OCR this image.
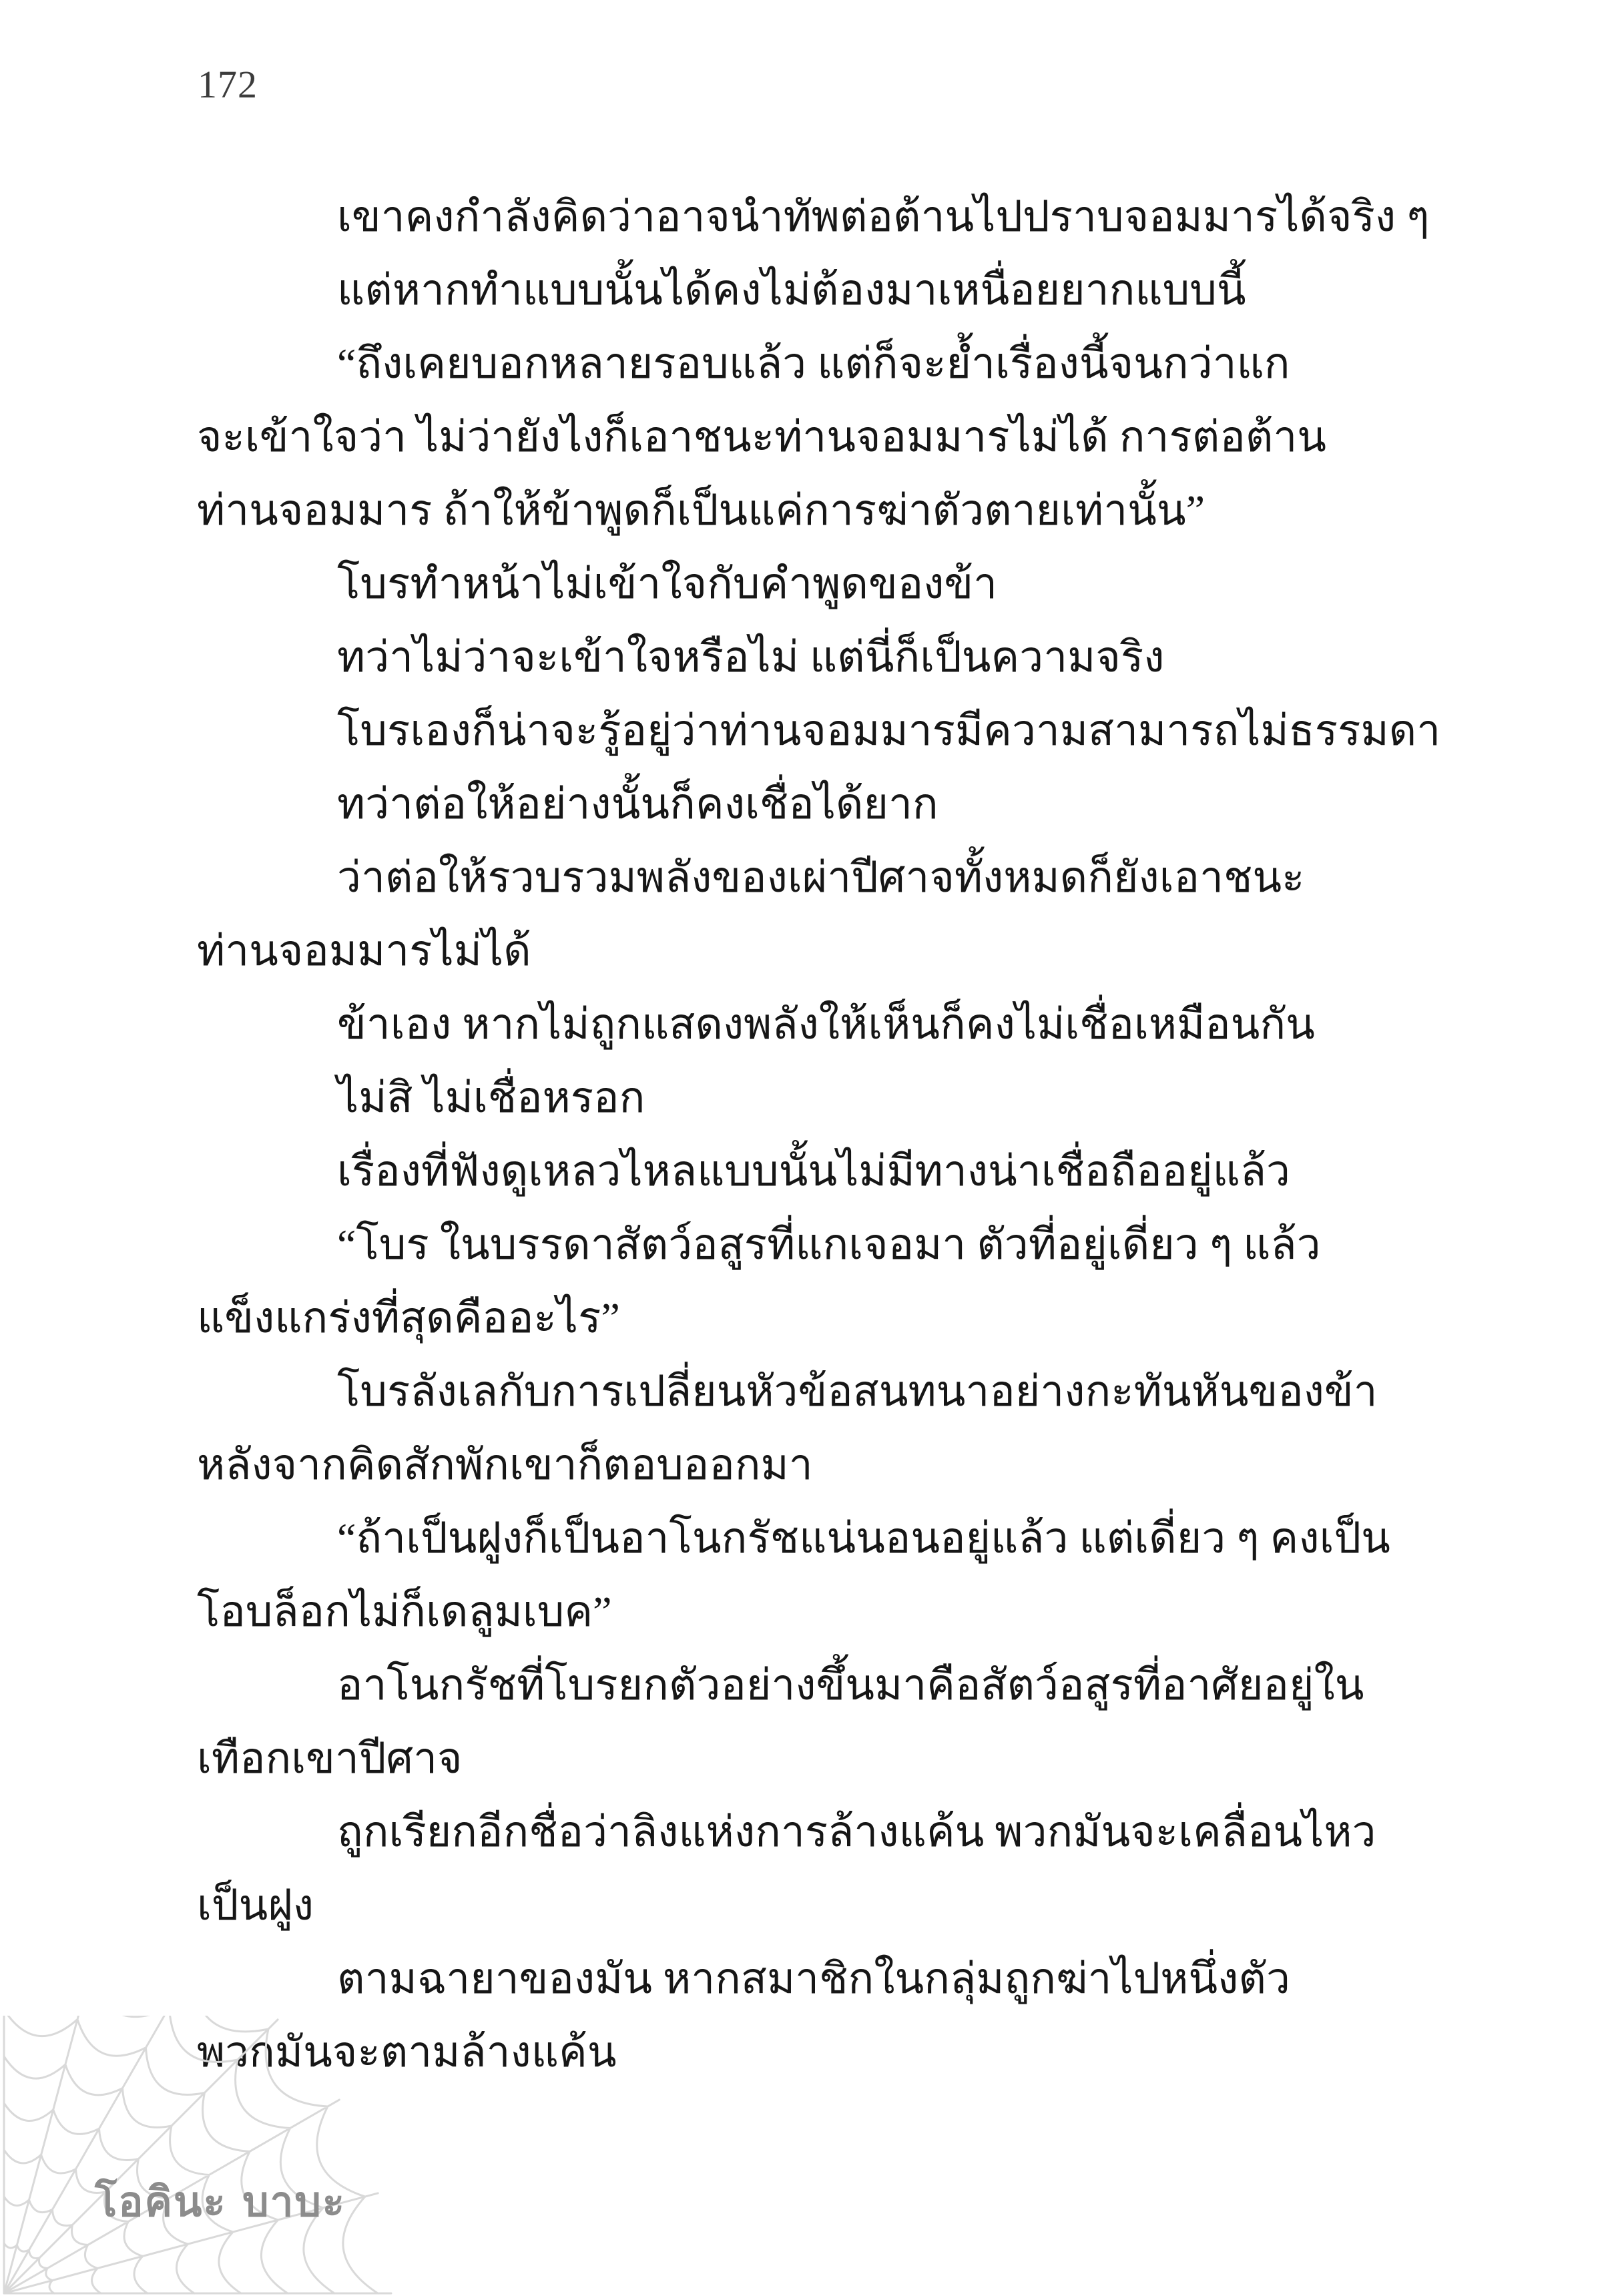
172
เขาคงกำลังคิดว่าอาจนำทัพต่อต้านไปปราบจอมมารได้จริง ๆ
แต่หากทำแบบนั้นได้คงไม่ต้องมาเหนื่อยยากแบบนี้
“ถึงเคยบอกหลายรอบแล้ว แต่ก็จะย้ำเรื่องนี้จนกว่าแก
จะเข้าใจว่า ไม่ว่ายังไงก็เอาชนะท่านจอมมารไม่ได้ การต่อต้าน
ท่านจอมมาร ถ้าให้ข้าพูดก็เป็นแค่การฆ่าตัวตายเท่านั้น”
โบรทำหน้าไม่เข้าใจกับคำพูดของข้า
ทว่าไม่ว่าจะเข้าใจหรือไม่ แต่นี่ก็เป็นความจริง
โบรเองก็น่าจะรู้อยู่ว่าท่านจอมมารมีความสามารถไม่ธรรมดา
ทว่าต่อให้อย่างนั้นก็คงเชื่อได้ยาก
ว่าต่อให้รวบรวมพลังของเผ่าปีศาจทั้งหมดก็ยังเอาชนะ
ท่านจอมมารไม่ได้
ข้าเอง หากไม่ถูกแสดงพลังให้เห็นก็คงไม่เชื่อเหมือนกัน
ไม่สิ ไม่เชื่อหรอก
เรื่องที่ฟังดูเหลวไหลแบบนั้นไม่มีทางน่าเชื่อถืออยู่แล้ว
“โบร ในบรรดาสัตว์อสูรที่แกเจอมา ตัวที่อยู่เดี่ยว ๆ แล้ว
แข็งแกร่งที่สุดคืออะไร”
โบรลังเลกับการเปลี่ยนหัวข้อสนทนาอย่างกะทันหันของข้า
หลังจากคิดสักพักเขาก็ตอบออกมา
“ถ้าเป็นฝูงก็เป็นอาโนกรัชแน่นอนอยู่แล้ว แต่เดี่ยว ๆ คงเป็น
โอบล็อกไม่ก็เดลูมเบค”
อาโนกรัชที่โบรยกตัวอย่างขึ้นมาคือสัตว์อสูรที่อาศัยอยู่ใน
เทือกเขาปีศาจ
ถูกเรียกอีกชื่อว่าลิงแห่งการล้างแค้น พวกมันจะเคลื่อนไหว
เป็นฝูง
ตามฉายาของมัน หากสมาชิกในกลุ่มถูกฆ่าไปหนึ่งตัว
พวกมันจะตามล้างแค้น
โอคินะ บาบะ
